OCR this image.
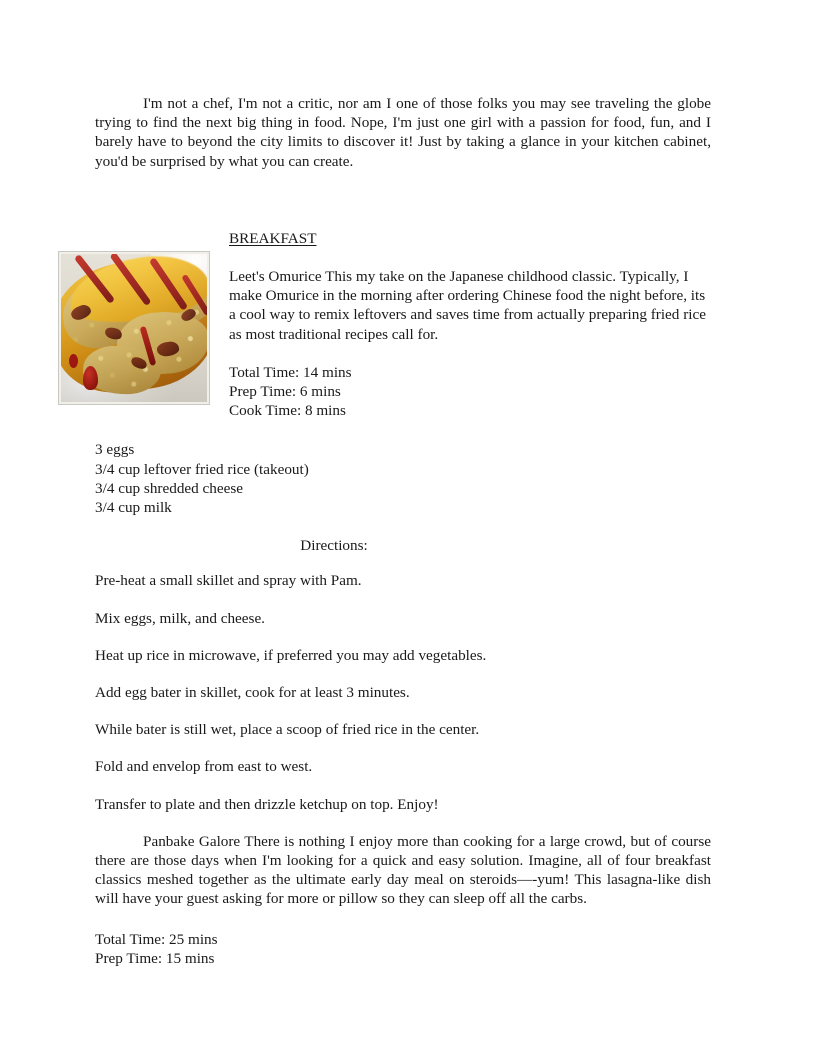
I'm not a chef, I'm not a critic, nor am I one of those folks you may see traveling the globe trying to find the next big thing in food. Nope, I'm just one girl with a passion for food, fun, and I barely have to beyond the city limits to discover it! Just by taking a glance in your kitchen cabinet, you'd be surprised by what you can create.

BREAKFAST

Leet's Omurice This my take on the Japanese childhood classic. Typically, I make Omurice in the morning after ordering Chinese food the night before, its a cool way to remix leftovers and saves time from actually preparing fried rice as most traditional recipes call for.

Total Time: 14 mins
Prep Time: 6 mins
Cook Time: 8 mins
3 eggs
3/4 cup leftover fried rice (takeout)
3/4 cup shredded cheese
3/4 cup milk

Directions:

Pre-heat a small skillet and spray with Pam.

Mix eggs, milk, and cheese.

Heat up rice in microwave, if preferred you may add vegetables.

Add egg bater in skillet, cook for at least 3 minutes.

While bater is still wet, place a scoop of fried rice in the center.

Fold and envelop from east to west.

Transfer to plate and then drizzle ketchup on top. Enjoy!

Panbake Galore There is nothing I enjoy more than cooking for a large crowd, but of course there are those days when I'm looking for a quick and easy solution. Imagine, all of four breakfast classics meshed together as the ultimate early day meal on steroids—-yum! This lasagna-like dish will have your guest asking for more or pillow so they can sleep off all the carbs.

Total Time: 25 mins
Prep Time: 15 mins
